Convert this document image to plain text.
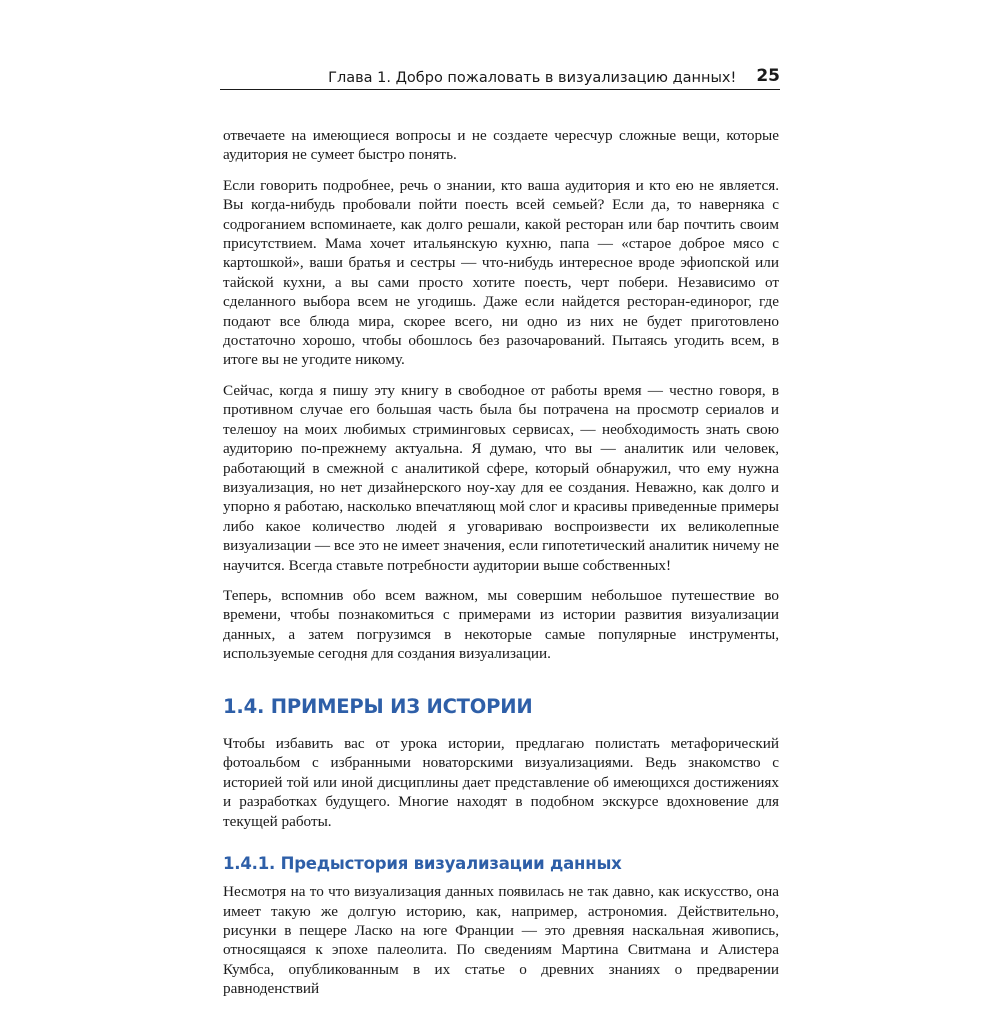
Глава 1. Добро пожаловать в визуализацию данных! 25

отвечаете на имеющиеся вопросы и не создаете чересчур сложные вещи, которые аудитория не сумеет быстро понять.

Если говорить подробнее, речь о знании, кто ваша аудитория и кто ею не является. Вы когда-нибудь пробовали пойти поесть всей семьей? Если да, то наверняка с содроганием вспоминаете, как долго решали, какой ресторан или бар почтить своим присутствием. Мама хочет итальянскую кухню, папа — «старое доброе мясо с картошкой», ваши братья и сестры — что-нибудь интересное вроде эфиопской или тайской кухни, а вы сами просто хотите поесть, черт побери. Независимо от сделанного выбора всем не угодишь. Даже если найдется ресторан-единорог, где подают все блюда мира, скорее всего, ни одно из них не будет приготовлено достаточно хорошо, чтобы обошлось без разочарований. Пытаясь угодить всем, в итоге вы не угодите никому.

Сейчас, когда я пишу эту книгу в свободное от работы время — честно говоря, в противном случае его большая часть была бы потрачена на просмотр сериалов и телешоу на моих любимых стриминговых сервисах, — необходимость знать свою аудиторию по-прежнему актуальна. Я думаю, что вы — аналитик или человек, работающий в смежной с аналитикой сфере, который обнаружил, что ему нужна визуализация, но нет дизайнерского ноу-хау для ее создания. Неважно, как долго и упорно я работаю, насколько впечатляющ мой слог и красивы приведенные примеры либо какое количество людей я уговариваю воспроизвести их великолепные визуализации — все это не имеет значения, если гипотетический аналитик ничему не научится. Всегда ставьте потребности аудитории выше собственных!

Теперь, вспомнив обо всем важном, мы совершим небольшое путешествие во времени, чтобы познакомиться с примерами из истории развития визуализации данных, а затем погрузимся в некоторые самые популярные инструменты, используемые сегодня для создания визуализации.

1.4. ПРИМЕРЫ ИЗ ИСТОРИИ

Чтобы избавить вас от урока истории, предлагаю полистать метафорический фотоальбом с избранными новаторскими визуализациями. Ведь знакомство с историей той или иной дисциплины дает представление об имеющихся достижениях и разработках будущего. Многие находят в подобном экскурсе вдохновение для текущей работы.

1.4.1. Предыстория визуализации данных

Несмотря на то что визуализация данных появилась не так давно, как искусство, она имеет такую же долгую историю, как, например, астрономия. Действительно, рисунки в пещере Ласко на юге Франции — это древняя наскальная живопись, относящаяся к эпохе палеолита. По сведениям Мартина Свитмана и Алистера Кумбса, опубликованным в их статье о древних знаниях о предварении равноденствий
